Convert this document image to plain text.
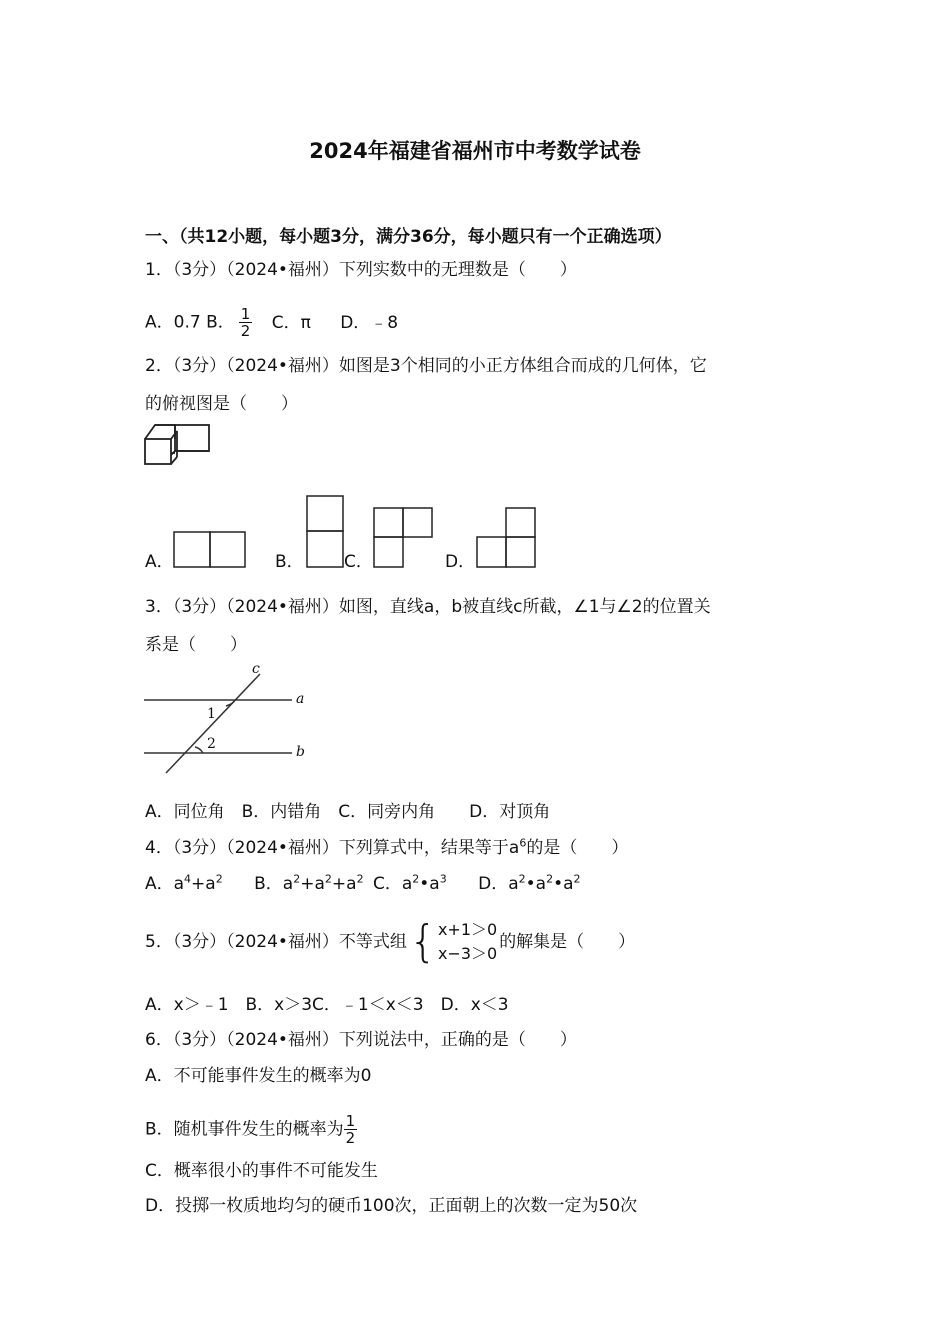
2024年福建省福州市中考数学试卷
一、（共12小题，每小题3分，满分36分，每小题只有一个正确选项）
1．（3分）（2024•福州）下列实数中的无理数是（　　）
A．0.7 B． $\frac{1}{2}$ C．π D．﹣8
2．（3分）（2024•福州）如图是3个相同的小正方体组合而成的几何体，它
的俯视图是（　　）
A．	B． C．	D．
3．（3分）（2024•福州）如图，直线a，b被直线c所截，∠1与∠2的位置关
系是（　　）
c
a
b
1
2
A．同位角　B．内错角　C．同旁内角　　D．对顶角
4．（3分）（2024•福州）下列算式中，结果等于$a^6$的是（　　）
A．$a^4+a^2$ B．$a^2+a^2+a^2$ C．$a^2•a^3$ D．$a^2•a^2•a^2$
5．（3分）（2024•福州）不等式组 { x+1＞0
x−3＞0
的解集是（　　）
A．x＞﹣1　B．x＞3C．﹣1＜x＜3　D．x＜3
6．（3分）（2024•福州）下列说法中，正确的是（　　）
A．不可能事件发生的概率为0
B．随机事件发生的概率为 $\frac{1}{2}$
C．概率很小的事件不可能发生
D．投掷一枚质地均匀的硬币100次，正面朝上的次数一定为50次
